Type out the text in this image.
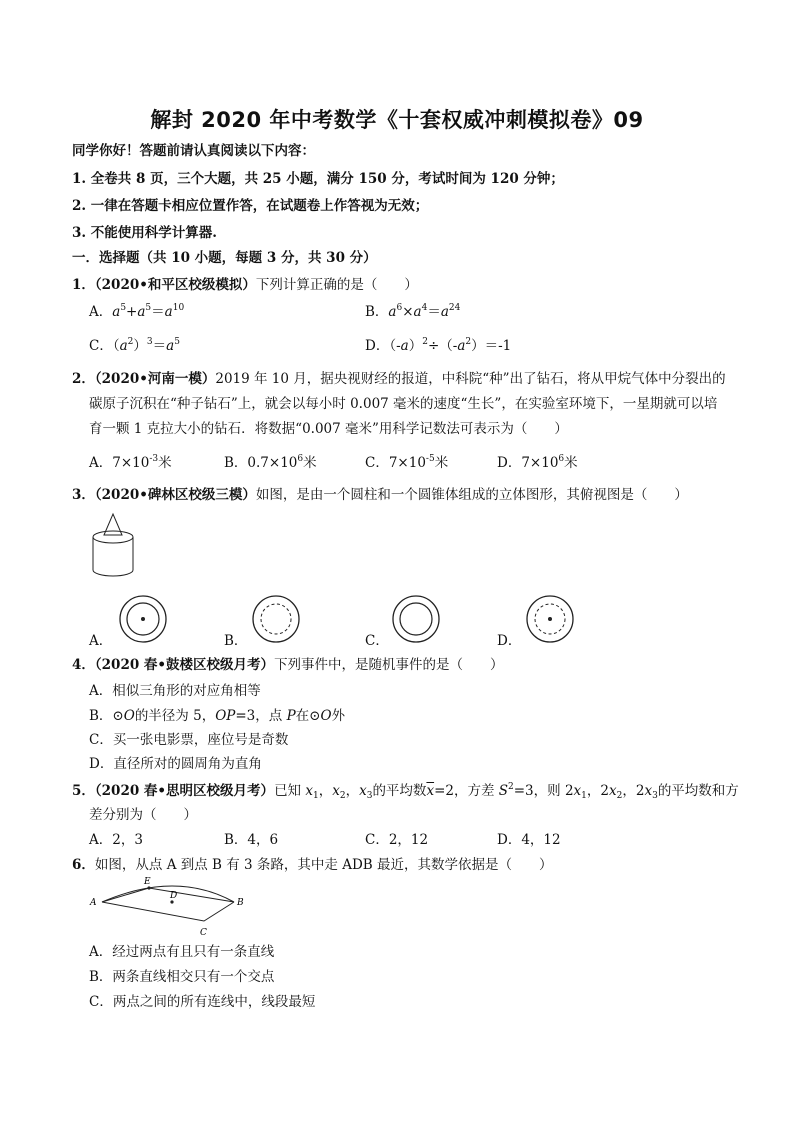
解封 2020 年中考数学《十套权威冲刺模拟卷》09
同学你好！答题前请认真阅读以下内容：
1. 全卷共 8 页，三个大题，共 25 小题，满分 150 分，考试时间为 120 分钟；
2. 一律在答题卡相应位置作答，在试题卷上作答视为无效；
3. 不能使用科学计算器.
一．选择题（共 10 小题，每题 3 分，共 30 分）
1．（2020•和平区校级模拟）下列计算正确的是（　　）
A．$a^5+a^5=a^{10}$	B．$a^6\times a^4=a^{24}$
C．$(a^2)^3=a^5$	D．$(-a)^2\div(-a^2)=-1$
2．（2020•河南一模）2019 年 10 月，据央视财经的报道，中科院“种”出了钻石，将从甲烷气体中分裂出的
碳原子沉积在“种子钻石”上，就会以每小时 0.007 毫米的速度“生长”，在实验室环境下，一星期就可以培
育一颗 1 克拉大小的钻石．将数据“0.007 毫米”用科学记数法可表示为（　　）
A．$7\times 10^{-3}$米	B．$0.7\times 10^6$米	C．$7\times 10^{-5}$米	D．$7\times 10^6$米
3．（2020•碑林区校级三模）如图，是由一个圆柱和一个圆锥体组成的立体图形，其俯视图是（　　）
A．	B．	C．	D．
4．（2020 春•鼓楼区校级月考）下列事件中，是随机事件的是（　　）
A．相似三角形的对应角相等
B．⊙O的半径为 5，OP=3，点 P在⊙O外
C．买一张电影票，座位号是奇数
D．直径所对的圆周角为直角
5．（2020 春•思明区校级月考）已知 $x_1$，$x_2$，$x_3$的平均数$\overline{x}=2$，方差 $S^2=3$，则 $2x_1$，$2x_2$，$2x_3$的平均数和方
差分别为（　　）
A．2，3	B．4，6	C．2，12	D．4，12
6．如图，从点 A 到点 B 有 3 条路，其中走 ADB 最近，其数学依据是（　　）
A	B
C
D
E
A．经过两点有且只有一条直线
B．两条直线相交只有一个交点
C．两点之间的所有连线中，线段最短
